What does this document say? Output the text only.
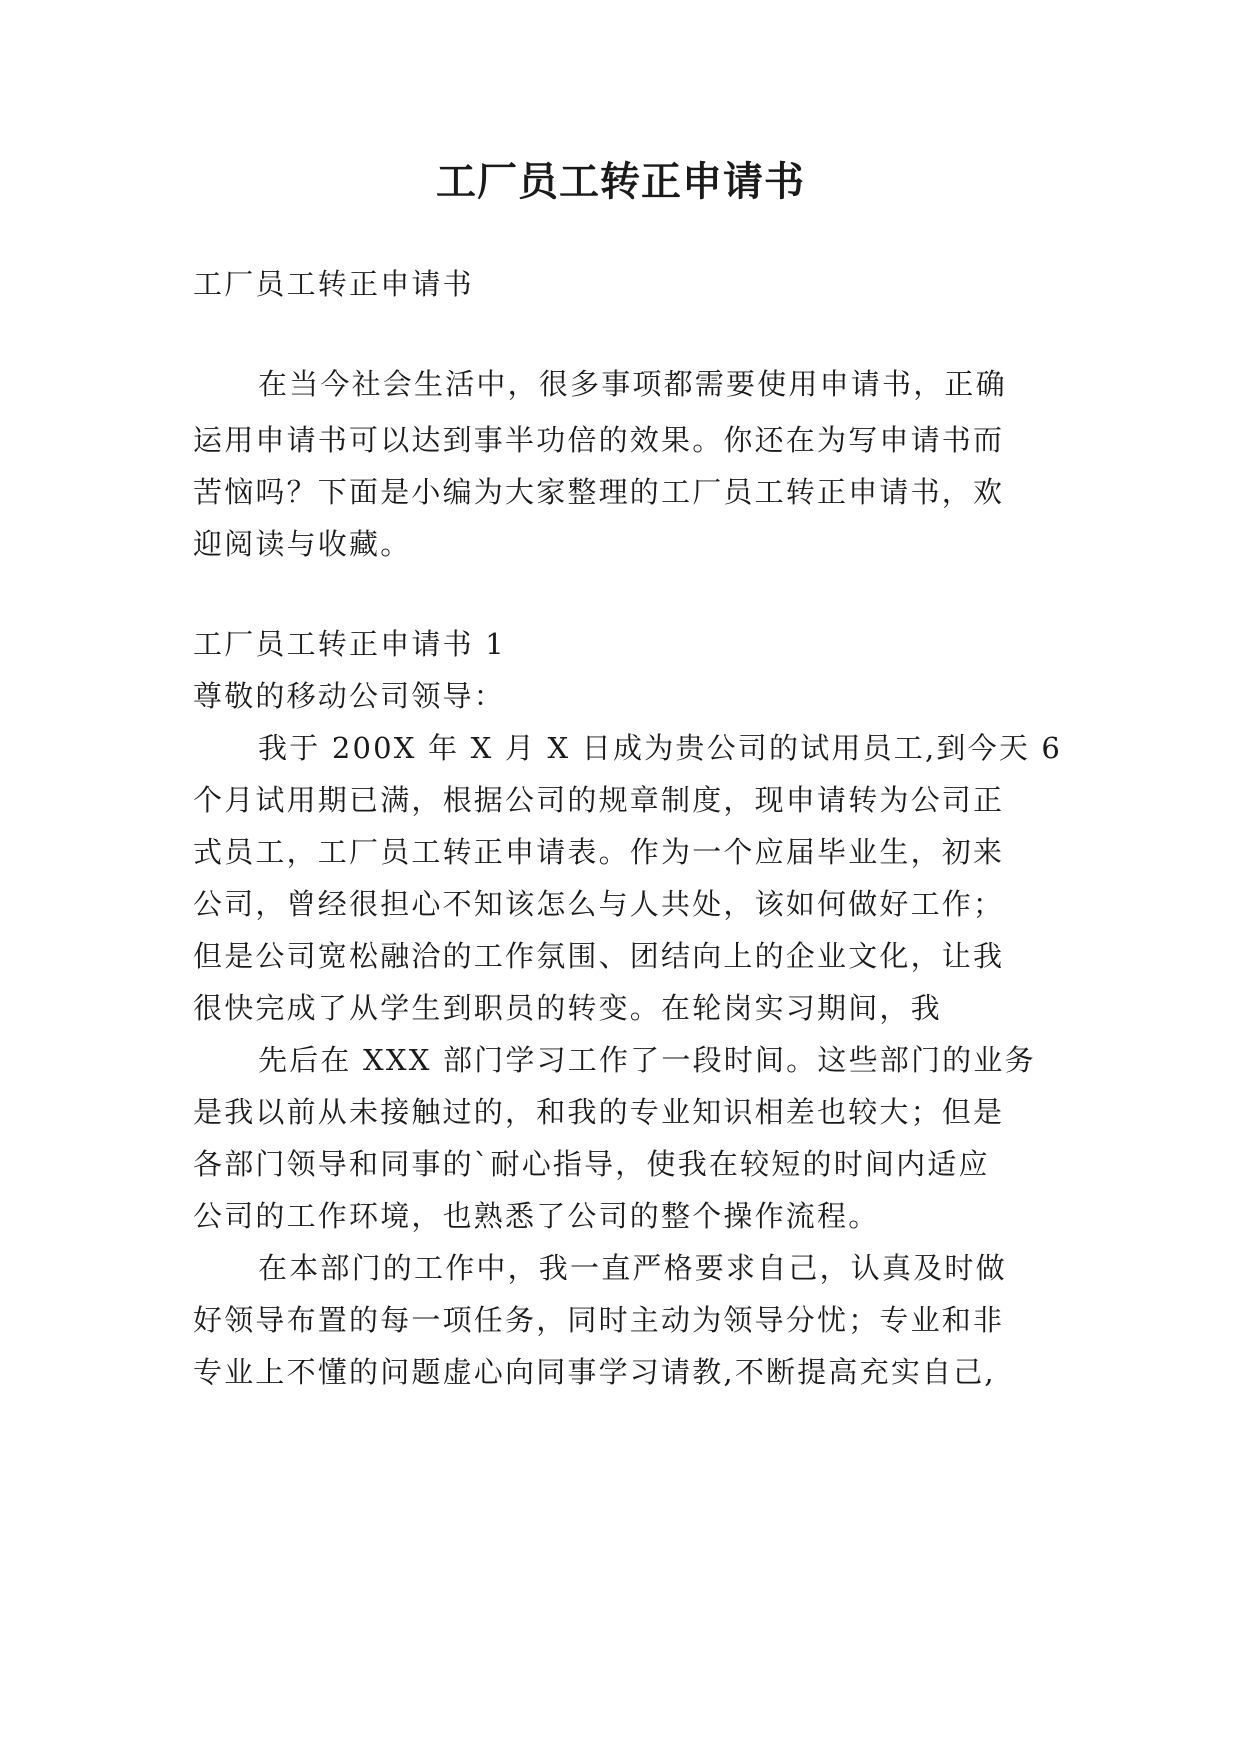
工厂员工转正申请书

工厂员工转正申请书

在当今社会生活中，很多事项都需要使用申请书，正确

运用申请书可以达到事半功倍的效果。你还在为写申请书而

苦恼吗？下面是小编为大家整理的工厂员工转正申请书，欢

迎阅读与收藏。

工厂员工转正申请书 1

尊敬的移动公司领导：

我于 200X 年 X 月 X 日成为贵公司的试用员工,到今天 6

个月试用期已满，根据公司的规章制度，现申请转为公司正

式员工，工厂员工转正申请表。作为一个应届毕业生，初来

公司，曾经很担心不知该怎么与人共处，该如何做好工作；

但是公司宽松融洽的工作氛围、团结向上的企业文化，让我

很快完成了从学生到职员的转变。在轮岗实习期间，我

先后在 XXX 部门学习工作了一段时间。这些部门的业务

是我以前从未接触过的，和我的专业知识相差也较大；但是

各部门领导和同事的`耐心指导，使我在较短的时间内适应

公司的工作环境，也熟悉了公司的整个操作流程。

在本部门的工作中，我一直严格要求自己，认真及时做

好领导布置的每一项任务，同时主动为领导分忧；专业和非

专业上不懂的问题虚心向同事学习请教,不断提高充实自己,
